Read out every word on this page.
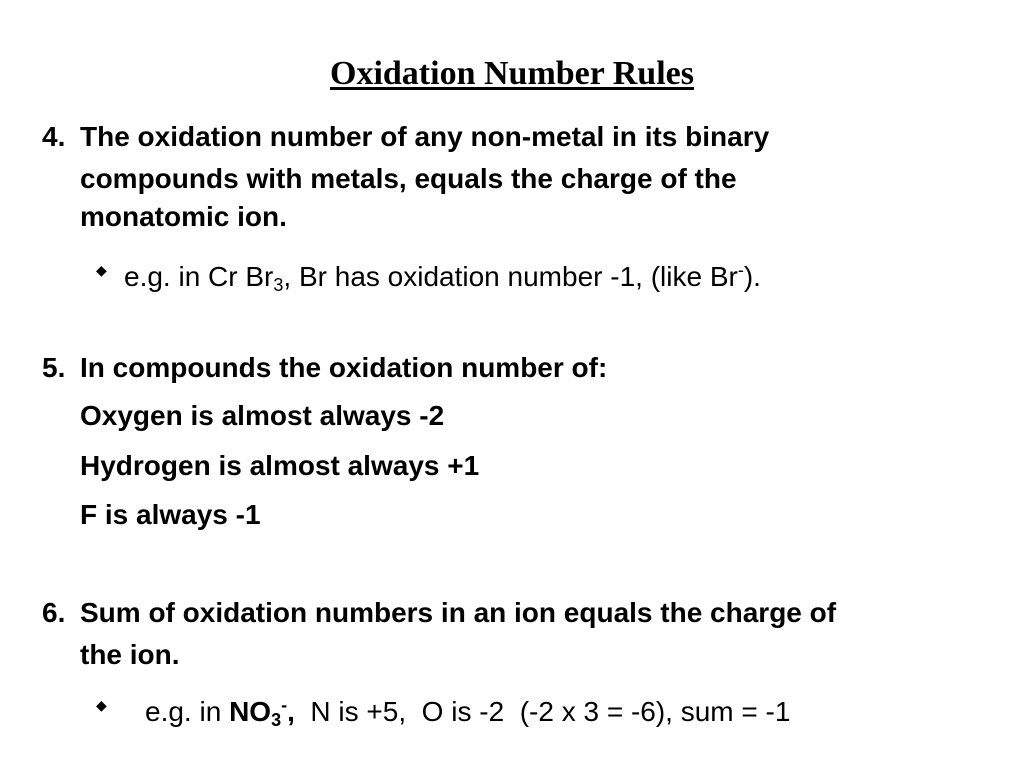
Oxidation Number Rules
4. The oxidation number of any non-metal in its binary
compounds with metals, equals the charge of the
monatomic ion.
◆ e.g. in Cr $Br_3$, Br has oxidation number -1, (like Br-).
5. In compounds the oxidation number of:
Oxygen is almost always -2
Hydrogen is almost always +1
F is always -1
6. Sum of oxidation numbers in an ion equals the charge of
the ion.
◆ e.g. in $NO_3^-$,  N is +5,  O is -2  (-2 x 3 = -6), sum = -1
